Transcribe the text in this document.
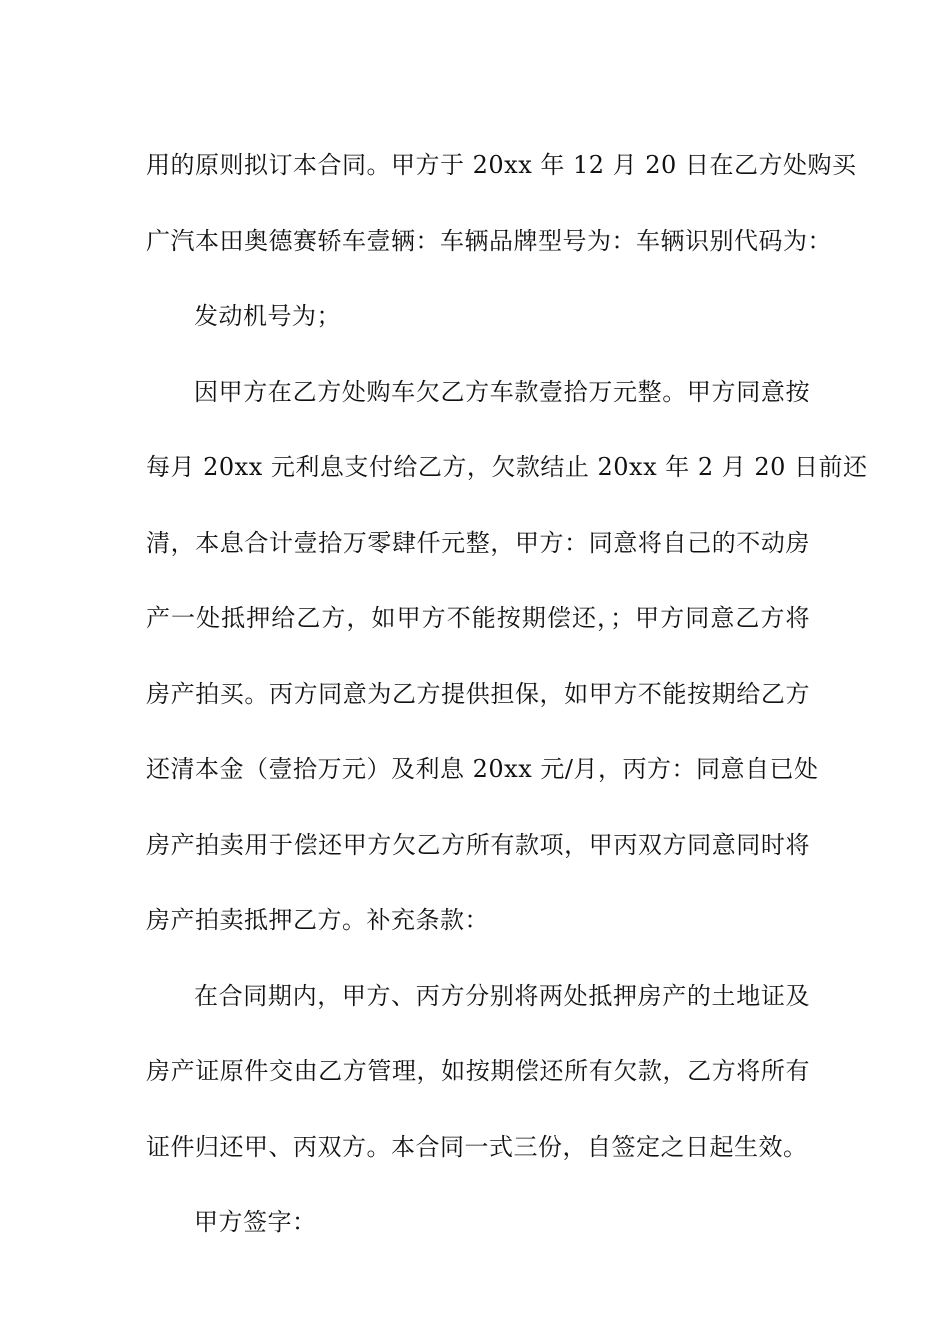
用的原则拟订本合同。甲方于 20xx 年 12 月 20 日在乙方处购买
广汽本田奥德赛轿车壹辆：车辆品牌型号为：车辆识别代码为：
发动机号为；
因甲方在乙方处购车欠乙方车款壹拾万元整。甲方同意按
每月 20xx 元利息支付给乙方，欠款结止 20xx 年 2 月 20 日前还
清，本息合计壹拾万零肆仟元整，甲方：同意将自己的不动房
产一处抵押给乙方，如甲方不能按期偿还，；甲方同意乙方将
房产拍买。丙方同意为乙方提供担保，如甲方不能按期给乙方
还清本金（壹拾万元）及利息 20xx 元/月，丙方：同意自已处
房产拍卖用于偿还甲方欠乙方所有款项，甲丙双方同意同时将
房产拍卖抵押乙方。补充条款：
在合同期内，甲方、丙方分别将两处抵押房产的土地证及
房产证原件交由乙方管理，如按期偿还所有欠款，乙方将所有
证件归还甲、丙双方。本合同一式三份，自签定之日起生效。
甲方签字：
